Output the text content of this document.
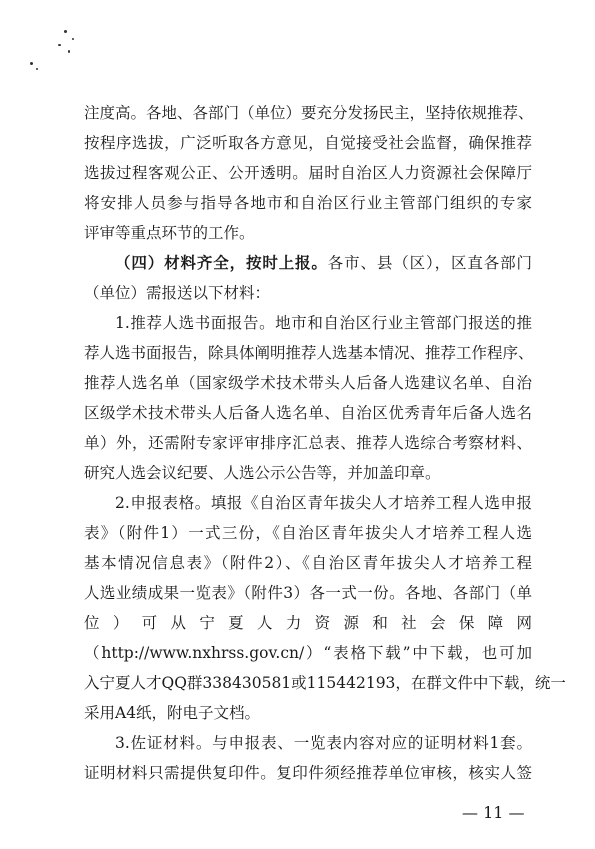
注度高。各地、各部门（单位）要充分发扬民主，坚持依规推荐、
按程序选拔，广泛听取各方意见，自觉接受社会监督，确保推荐
选拔过程客观公正、公开透明。届时自治区人力资源社会保障厅
将安排人员参与指导各地市和自治区行业主管部门组织的专家
评审等重点环节的工作。
（四）材料齐全，按时上报。各市、县（区），区直各部门
（单位）需报送以下材料：
1.推荐人选书面报告。地市和自治区行业主管部门报送的推
荐人选书面报告，除具体阐明推荐人选基本情况、推荐工作程序、
推荐人选名单（国家级学术技术带头人后备人选建议名单、自治
区级学术技术带头人后备人选名单、自治区优秀青年后备人选名
单）外，还需附专家评审排序汇总表、推荐人选综合考察材料、
研究人选会议纪要、人选公示公告等，并加盖印章。
2.申报表格。填报《自治区青年拔尖人才培养工程人选申报
表》（附件1）一式三份，《自治区青年拔尖人才培养工程人选
基本情况信息表》（附件2）、《自治区青年拔尖人才培养工程
人选业绩成果一览表》（附件3）各一式一份。各地、各部门（单
位 ） 可 从 宁 夏 人 力 资 源 和 社 会 保 障 网
（http://www.nxhrss.gov.cn/）“表格下载”中下载，也可加
入宁夏人才QQ群338430581或115442193，在群文件中下载，统一
采用A4纸，附电子文档。
3.佐证材料。与申报表、一览表内容对应的证明材料1套。
证明材料只需提供复印件。复印件须经推荐单位审核，核实人签
— 11 —
